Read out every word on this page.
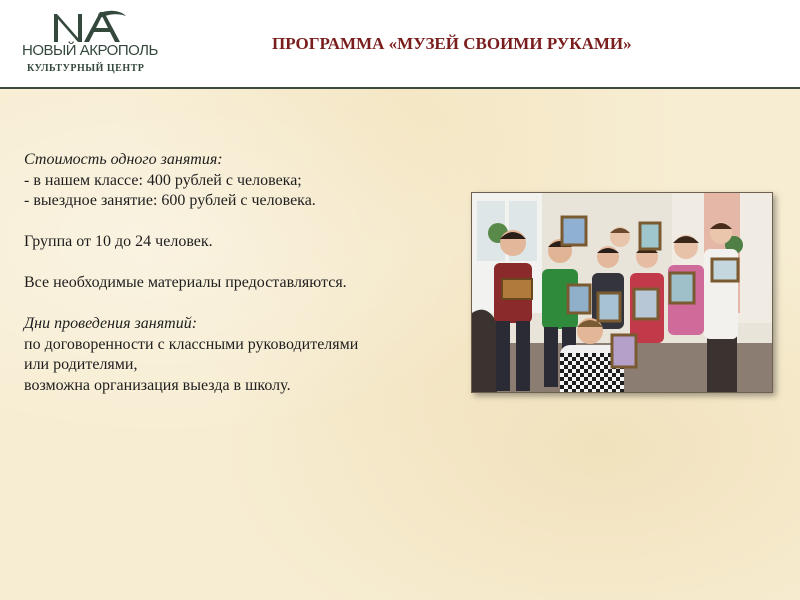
НОВЫЙ АКРОПОЛЬ
КУЛЬТУРНЫЙ ЦЕНТР
ПРОГРАММА «МУЗЕЙ СВОИМИ РУКАМИ»
Стоимость одного занятия:
- в нашем классе: 400 рублей с человека;
- выездное занятие: 600 рублей с человека.
Группа от 10 до 24 человек.
Все необходимые материалы предоставляются.
Дни проведения занятий:
по договоренности с классными руководителями
или родителями,
возможна организация выезда в школу.
